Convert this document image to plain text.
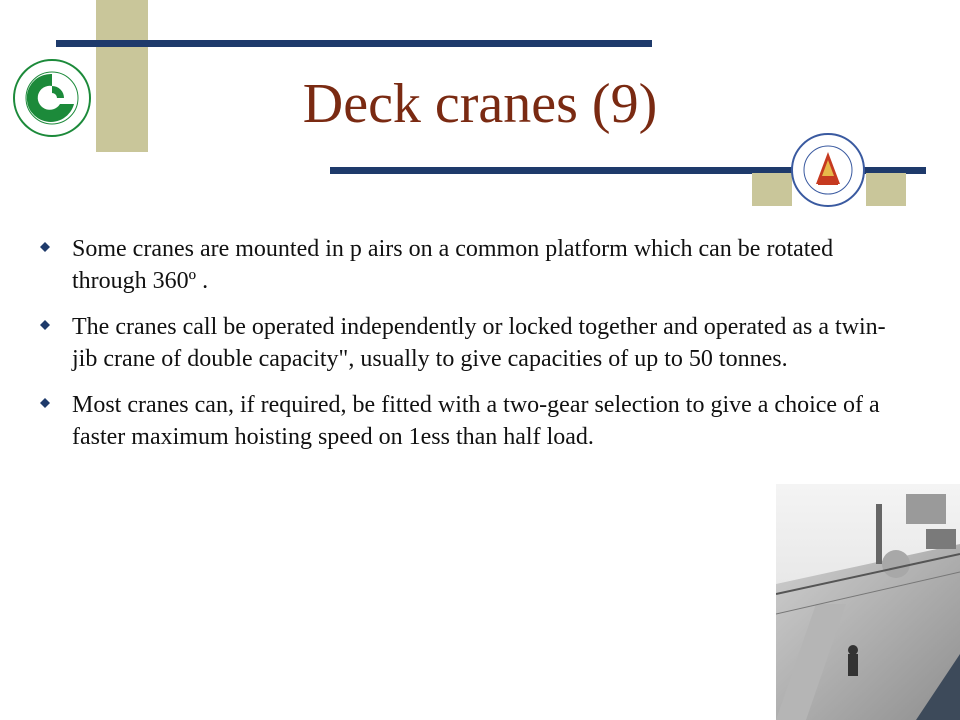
Deck cranes (9)
Some cranes are mounted in p airs on a common platform which can be rotated through 360º .
The cranes call be operated independently or locked together and operated as a twin-jib crane of double capacity", usually to give capacities of up to 50 tonnes.
Most cranes can, if required, be fitted with a two-gear selection to give a choice of a faster maximum hoisting speed on 1ess than half load.
